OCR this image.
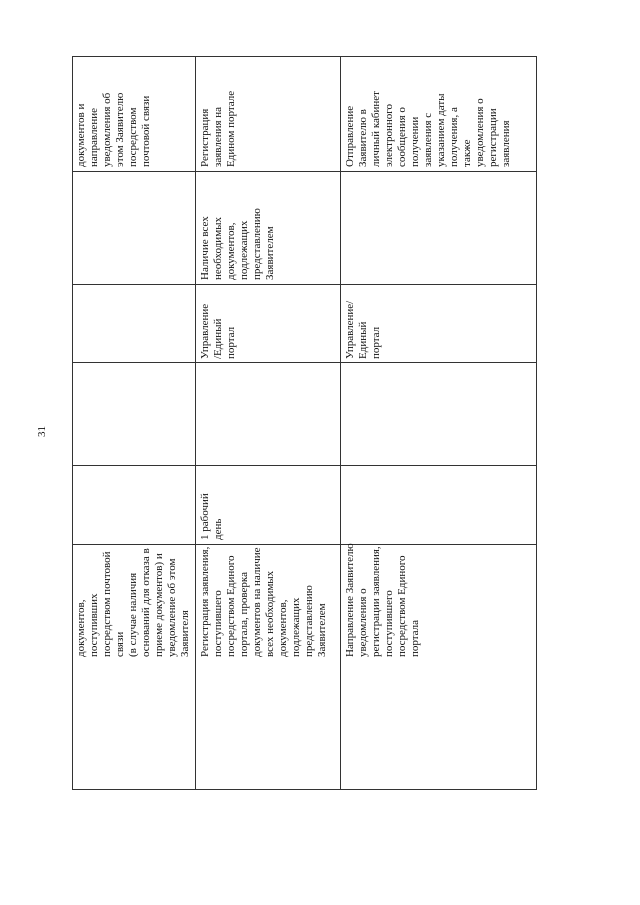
31
документов,
поступивших
посредством почтовой
связи
(в случае наличия
оснований для отказа в
приеме документов) и
уведомление об этом
Заявителя
документов и
направление
уведомления об
этом Заявителю
посредством
почтовой связи
Регистрация заявления,
поступившего
посредством Единого
портала, проверка
документов на наличие
всех необходимых
документов,
подлежащих
представлению
Заявителем
1 рабочий
день
Управление
/Единый
портал
Наличие всех
необходимых
документов,
подлежащих
представлению
Заявителем
Регистрация
заявления на
Едином портале
Направление Заявителю
уведомления о
регистрации заявления,
поступившего
посредством Единого
портала
Управление/
Единый
портал
Отправление
Заявителю в
личный кабинет
электронного
сообщения о
получении
заявления с
указанием даты
получения, а
также
уведомления о
регистрации
заявления
